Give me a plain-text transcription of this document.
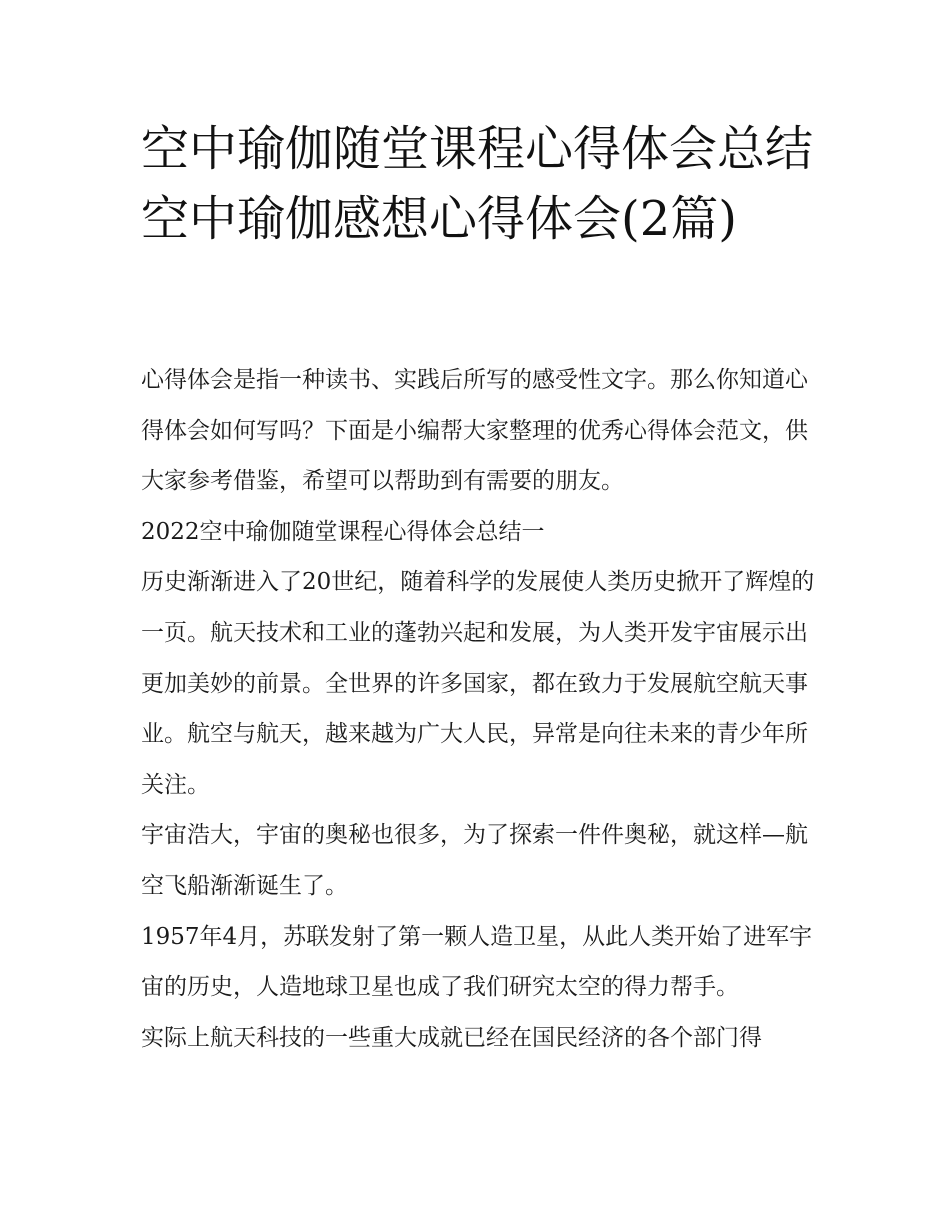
空中瑜伽随堂课程心得体会总结 空中瑜伽感想心得体会(2篇)

心得体会是指一种读书、实践后所写的感受性文字。那么你知道心得体会如何写吗？下面是小编帮大家整理的优秀心得体会范文，供大家参考借鉴，希望可以帮助到有需要的朋友。

2022空中瑜伽随堂课程心得体会总结一

历史渐渐进入了20世纪，随着科学的发展使人类历史掀开了辉煌的一页。航天技术和工业的蓬勃兴起和发展，为人类开发宇宙展示出更加美妙的前景。全世界的许多国家，都在致力于发展航空航天事业。航空与航天，越来越为广大人民，异常是向往未来的青少年所关注。

宇宙浩大，宇宙的奥秘也很多，为了探索一件件奥秘，就这样—航空飞船渐渐诞生了。

1957年4月，苏联发射了第一颗人造卫星，从此人类开始了进军宇宙的历史，人造地球卫星也成了我们研究太空的得力帮手。

实际上航天科技的一些重大成就已经在国民经济的各个部门得
